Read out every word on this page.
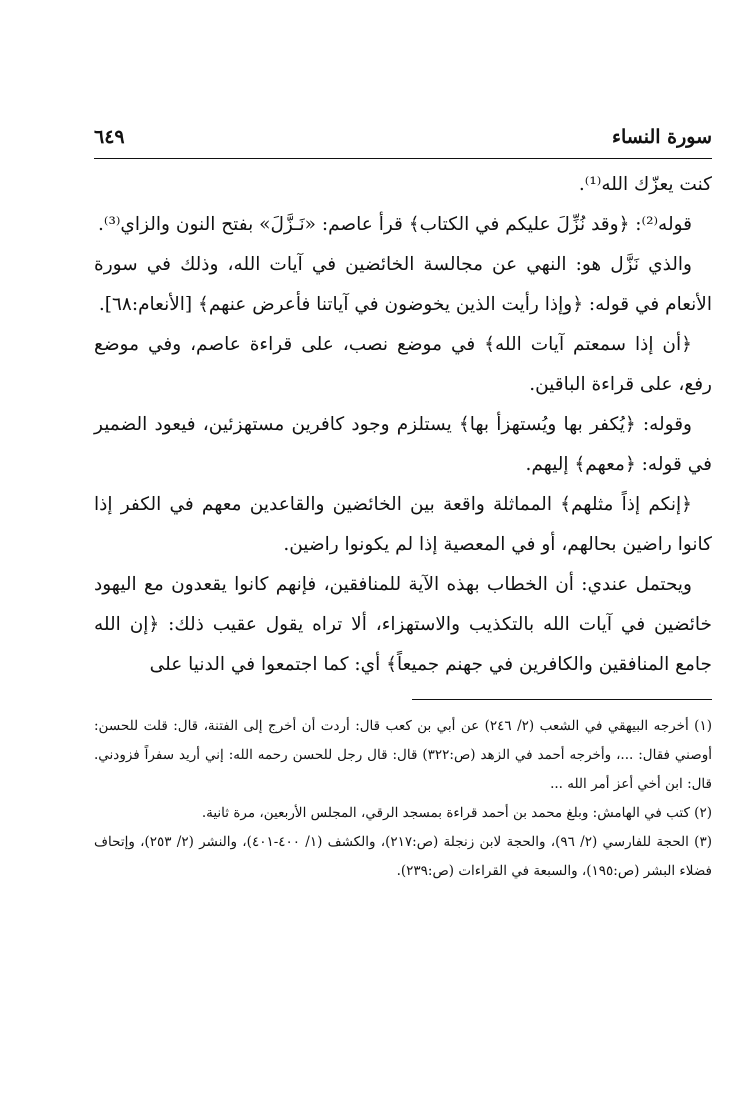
سورة النساء
٦٤٩

كنت يعزّك الله⁽¹⁾.

قوله⁽²⁾: ﴿وقد نُزِّلَ عليكم في الكتاب﴾ قرأ عاصم: «نَـزَّلَ» بفتح النون والزاي⁽³⁾.

والذي نَزَّل هو: النهي عن مجالسة الخائضين في آيات الله، وذلك في سورة الأنعام في قوله: ﴿وإذا رأيت الذين يخوضون في آياتنا فأعرض عنهم﴾ [الأنعام:٦٨].

﴿أن إذا سمعتم آيات الله﴾ في موضع نصب، على قراءة عاصم، وفي موضع رفع، على قراءة الباقين.

وقوله: ﴿يُكفر بها ويُستهزأ بها﴾ يستلزم وجود كافرين مستهزئين، فيعود الضمير في قوله: ﴿معهم﴾ إليهم.

﴿إنكم إذاً مثلهم﴾ المماثلة واقعة بين الخائضين والقاعدين معهم في الكفر إذا كانوا راضين بحالهم، أو في المعصية إذا لم يكونوا راضين.

ويحتمل عندي: أن الخطاب بهذه الآية للمنافقين، فإنهم كانوا يقعدون مع اليهود خائضين في آيات الله بالتكذيب والاستهزاء، ألا تراه يقول عقيب ذلك: ﴿إن الله جامع المنافقين والكافرين في جهنم جميعاً﴾ أي: كما اجتمعوا في الدنيا على

(١) أخرجه البيهقي في الشعب (٢/ ٢٤٦) عن أبي بن كعب قال: أردت أن أخرج إلى الفتنة، قال: قلت للحسن: أوصني فقال: ...، وأخرجه أحمد في الزهد (ص:٣٢٢) قال: قال رجل للحسن رحمه الله: إني أريد سفراً فزودني. قال: ابن أخي أعز أمر الله ...

(٢) كتب في الهامش: وبلغ محمد بن أحمد قراءة بمسجد الرقي، المجلس الأربعين، مرة ثانية.

(٣) الحجة للفارسي (٢/ ٩٦)، والحجة لابن زنجلة (ص:٢١٧)، والكشف (١/ ٤٠٠-٤٠١)، والنشر (٢/ ٢٥٣)، وإتحاف فضلاء البشر (ص:١٩٥)، والسبعة في القراءات (ص:٢٣٩).
